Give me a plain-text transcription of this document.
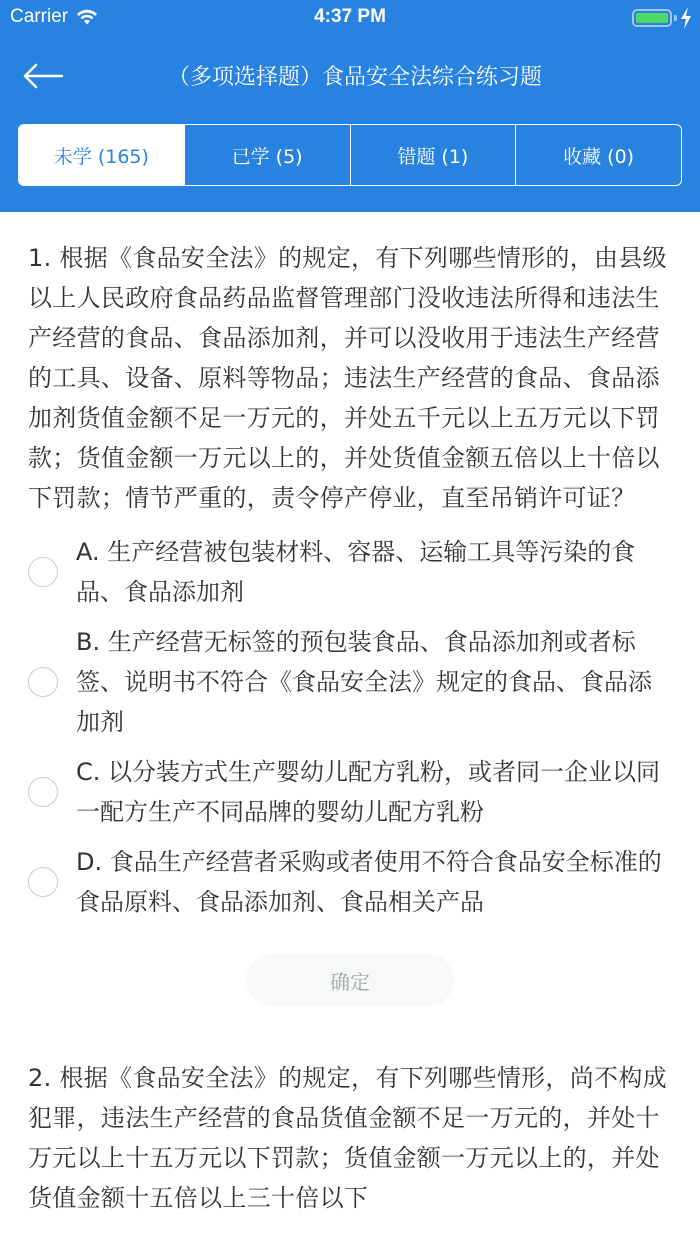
Carrier	4:37 PM
（多项选择题）食品安全法综合练习题
未学 (165)	已学 (5)	错题 (1)	收藏 (0)
1. 根据《食品安全法》的规定，有下列哪些情形的，由县级以上人民政府食品药品监督管理部门没收违法所得和违法生产经营的食品、食品添加剂，并可以没收用于违法生产经营的工具、设备、原料等物品；违法生产经营的食品、食品添加剂货值金额不足一万元的，并处五千元以上五万元以下罚款；货值金额一万元以上的，并处货值金额五倍以上十倍以下罚款；情节严重的，责令停产停业，直至吊销许可证？
A. 生产经营被包装材料、容器、运输工具等污染的食品、食品添加剂
B. 生产经营无标签的预包装食品、食品添加剂或者标签、说明书不符合《食品安全法》规定的食品、食品添加剂
C. 以分装方式生产婴幼儿配方乳粉，或者同一企业以同一配方生产不同品牌的婴幼儿配方乳粉
D. 食品生产经营者采购或者使用不符合食品安全标准的食品原料、食品添加剂、食品相关产品
确定
2. 根据《食品安全法》的规定，有下列哪些情形，尚不构成犯罪，违法生产经营的食品货值金额不足一万元的，并处十万元以上十五万元以下罚款；货值金额一万元以上的，并处货值金额十五倍以上三十倍以下
